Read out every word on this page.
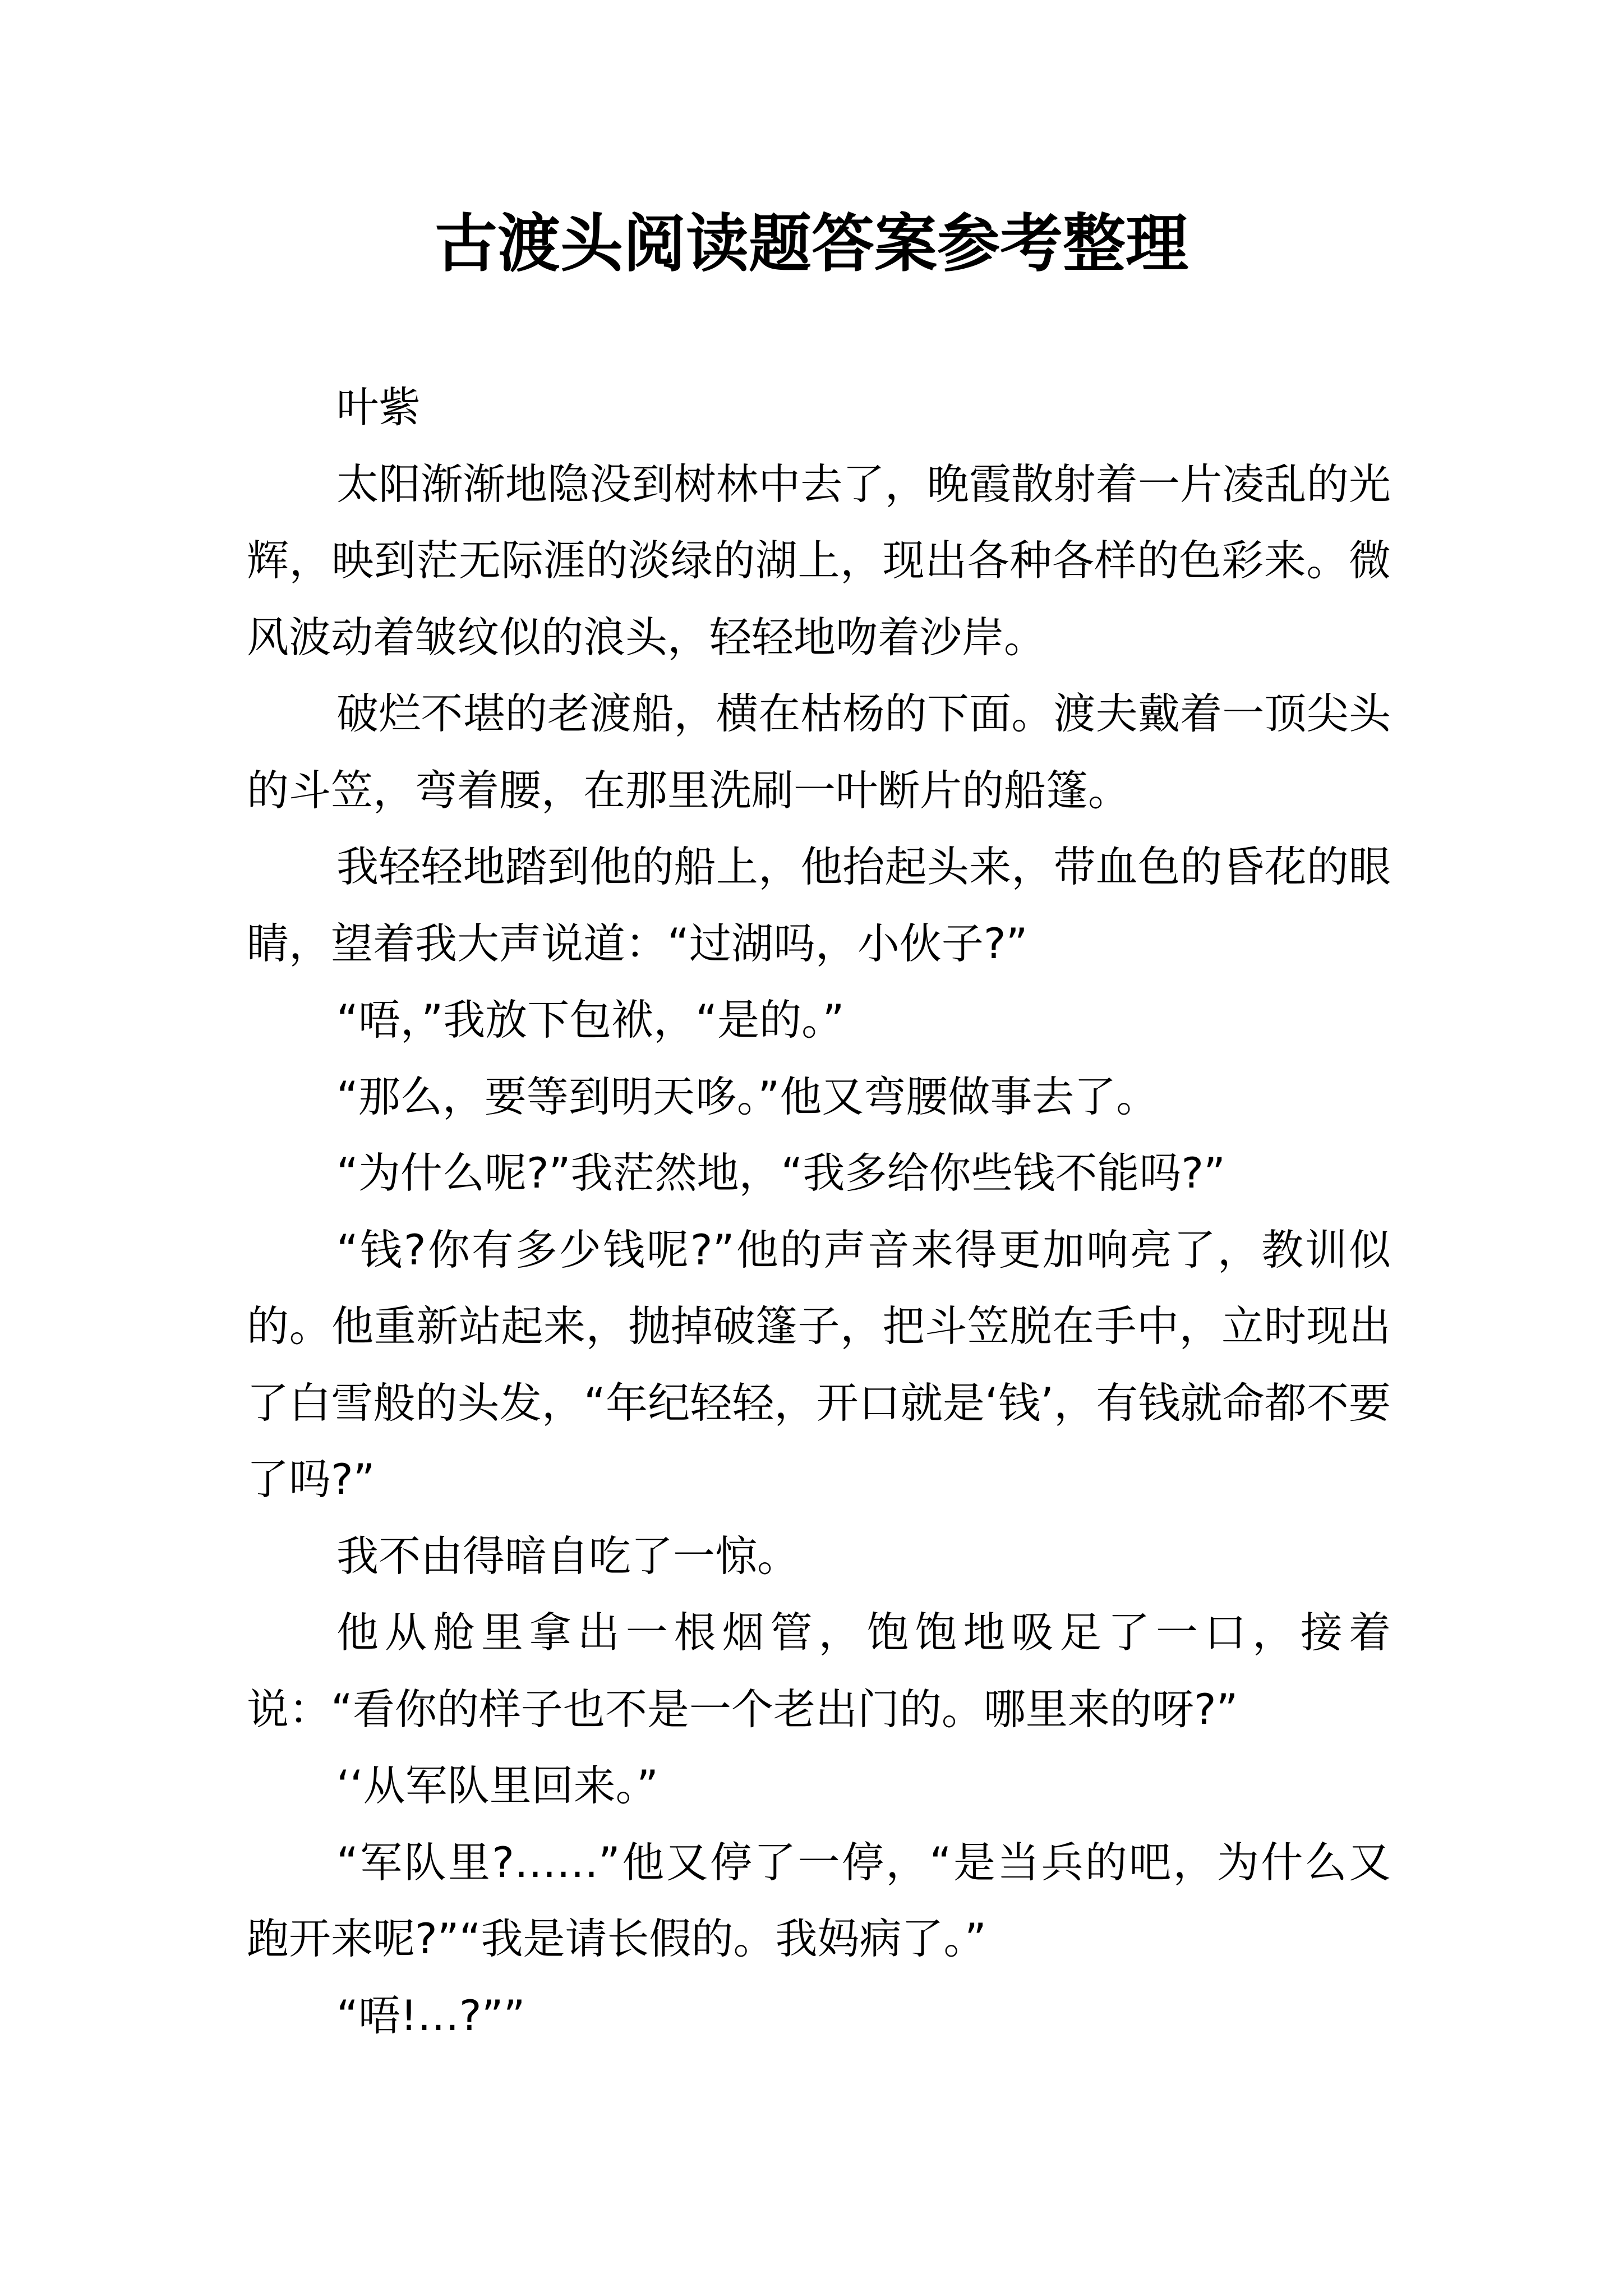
古渡头阅读题答案参考整理

叶紫

太阳渐渐地隐没到树林中去了，晚霞散射着一片凌乱的光辉，映到茫无际涯的淡绿的湖上，现出各种各样的色彩来。微风波动着皱纹似的浪头，轻轻地吻着沙岸。

破烂不堪的老渡船，横在枯杨的下面。渡夫戴着一顶尖头的斗笠，弯着腰，在那里洗刷一叶断片的船篷。

我轻轻地踏到他的船上，他抬起头来，带血色的昏花的眼睛，望着我大声说道：“过湖吗，小伙子?”

“唔，”我放下包袱，“是的。”

“那么，要等到明天哆。”他又弯腰做事去了。

“为什么呢?”我茫然地，“我多给你些钱不能吗?”

“钱?你有多少钱呢?”他的声音来得更加响亮了，教训似的。他重新站起来，抛掉破篷子，把斗笠脱在手中，立时现出了白雪般的头发，“年纪轻轻，开口就是‘钱’，有钱就命都不要了吗?”

我不由得暗自吃了一惊。

他从舱里拿出一根烟管，饱饱地吸足了一口，接着说：“看你的样子也不是一个老出门的。哪里来的呀?”

‘‘从军队里回来。”

“军队里?……”他又停了一停，“是当兵的吧，为什么又跑开来呢?”“我是请长假的。我妈病了。”

“唔!…?””
